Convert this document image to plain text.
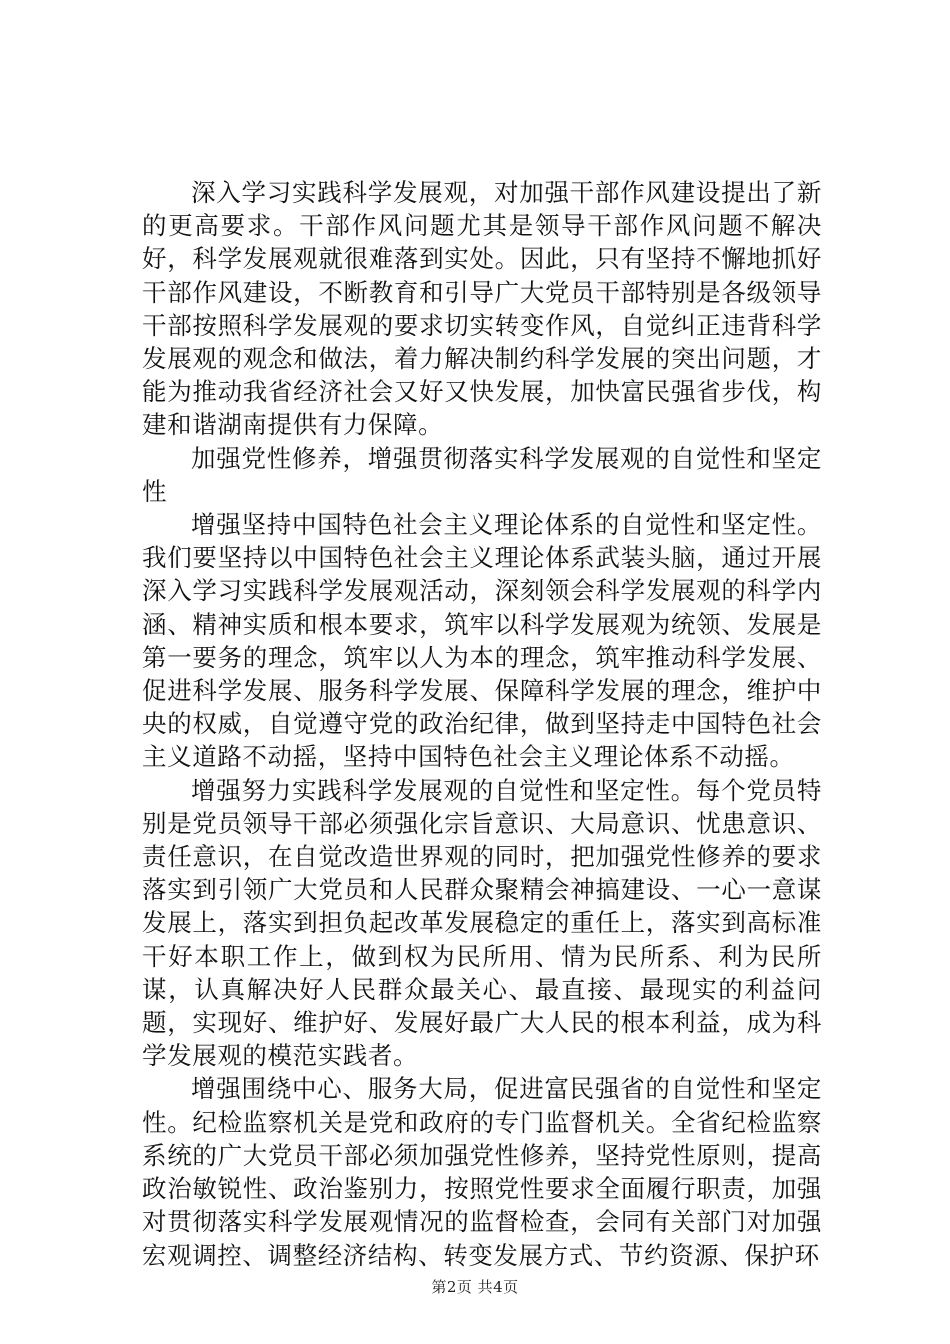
深入学习实践科学发展观，对加强干部作风建设提出了新的更高要求。干部作风问题尤其是领导干部作风问题不解决好，科学发展观就很难落到实处。因此，只有坚持不懈地抓好干部作风建设，不断教育和引导广大党员干部特别是各级领导干部按照科学发展观的要求切实转变作风，自觉纠正违背科学发展观的观念和做法，着力解决制约科学发展的突出问题，才能为推动我省经济社会又好又快发展，加快富民强省步伐，构建和谐湖南提供有力保障。

加强党性修养，增强贯彻落实科学发展观的自觉性和坚定性

增强坚持中国特色社会主义理论体系的自觉性和坚定性。我们要坚持以中国特色社会主义理论体系武装头脑，通过开展深入学习实践科学发展观活动，深刻领会科学发展观的科学内涵、精神实质和根本要求，筑牢以科学发展观为统领、发展是第一要务的理念，筑牢以人为本的理念，筑牢推动科学发展、促进科学发展、服务科学发展、保障科学发展的理念，维护中央的权威，自觉遵守党的政治纪律，做到坚持走中国特色社会主义道路不动摇，坚持中国特色社会主义理论体系不动摇。

增强努力实践科学发展观的自觉性和坚定性。每个党员特别是党员领导干部必须强化宗旨意识、大局意识、忧患意识、责任意识，在自觉改造世界观的同时，把加强党性修养的要求落实到引领广大党员和人民群众聚精会神搞建设、一心一意谋发展上，落实到担负起改革发展稳定的重任上，落实到高标准干好本职工作上，做到权为民所用、情为民所系、利为民所谋，认真解决好人民群众最关心、最直接、最现实的利益问题，实现好、维护好、发展好最广大人民的根本利益，成为科学发展观的模范实践者。

增强围绕中心、服务大局，促进富民强省的自觉性和坚定性。纪检监察机关是党和政府的专门监督机关。全省纪检监察系统的广大党员干部必须加强党性修养，坚持党性原则，提高政治敏锐性、政治鉴别力，按照党性要求全面履行职责，加强对贯彻落实科学发展观情况的监督检查，会同有关部门对加强宏观调控、调整经济结构、转变发展方式、节约资源、保护环

第2页 共4页
